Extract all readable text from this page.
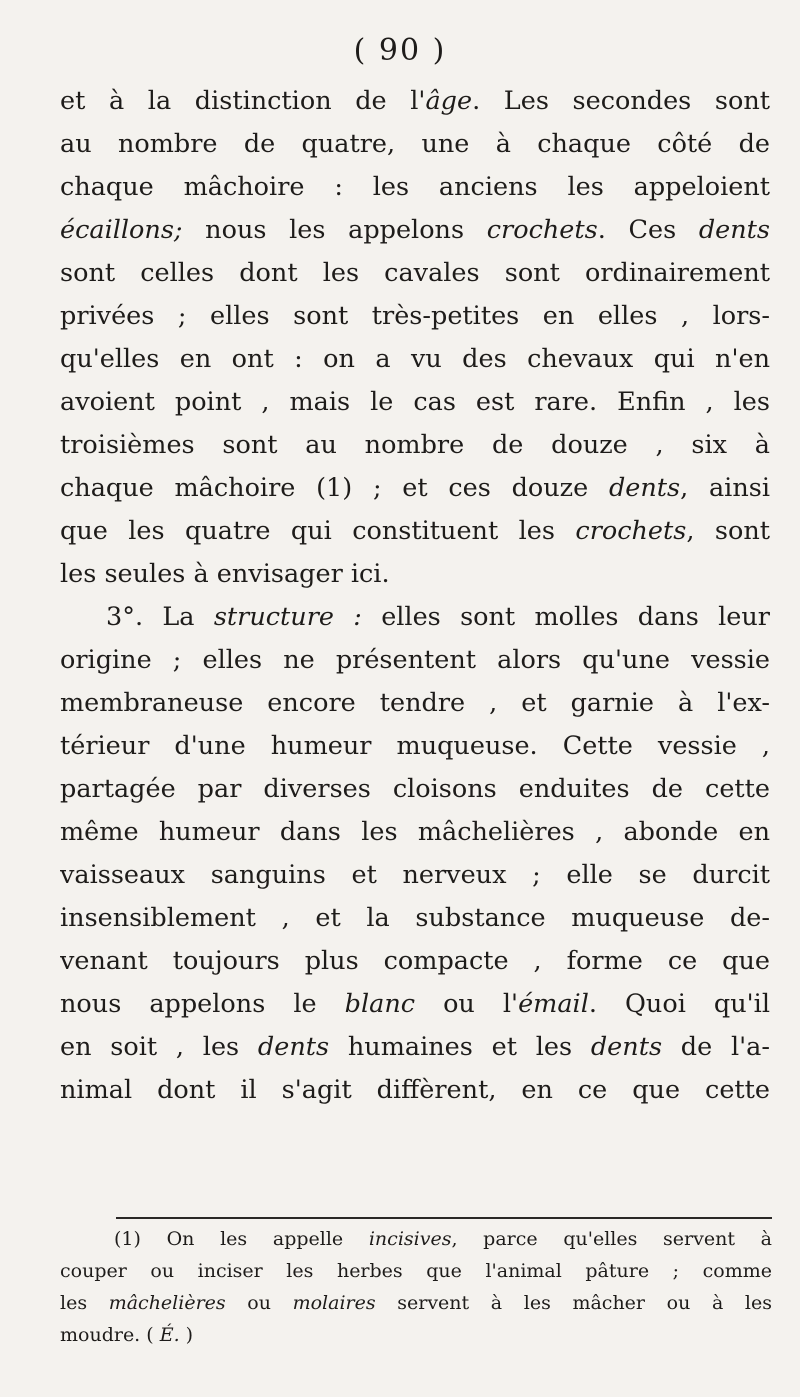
( 90 )
et à la distinction de l'âge. Les secondes sont
au nombre de quatre, une à chaque côté de
chaque mâchoire : les anciens les appeloient
écaillons; nous les appelons crochets. Ces dents
sont celles dont les cavales sont ordinairement
privées ; elles sont très-petites en elles , lors-
qu'elles en ont : on a vu des chevaux qui n'en
avoient point , mais le cas est rare. Enfin , les
troisièmes sont au nombre de douze , six à
chaque mâchoire (1) ; et ces douze dents, ainsi
que les quatre qui constituent les crochets, sont
les seules à envisager ici.
3°. La structure : elles sont molles dans leur
origine ; elles ne présentent alors qu'une vessie
membraneuse encore tendre , et garnie à l'ex-
térieur d'une humeur muqueuse. Cette vessie ,
partagée par diverses cloisons enduites de cette
même humeur dans les mâchelières , abonde en
vaisseaux sanguins et nerveux ; elle se durcit
insensiblement , et la substance muqueuse de-
venant toujours plus compacte , forme ce que
nous appelons le blanc ou l'émail. Quoi qu'il
en soit , les dents humaines et les dents de l'a-
nimal dont il s'agit diffèrent, en ce que cette
(1) On les appelle incisives, parce qu'elles servent à
couper ou inciser les herbes que l'animal pâture ; comme
les mâchelières ou molaires servent à les mâcher ou à les
moudre. ( É. )
